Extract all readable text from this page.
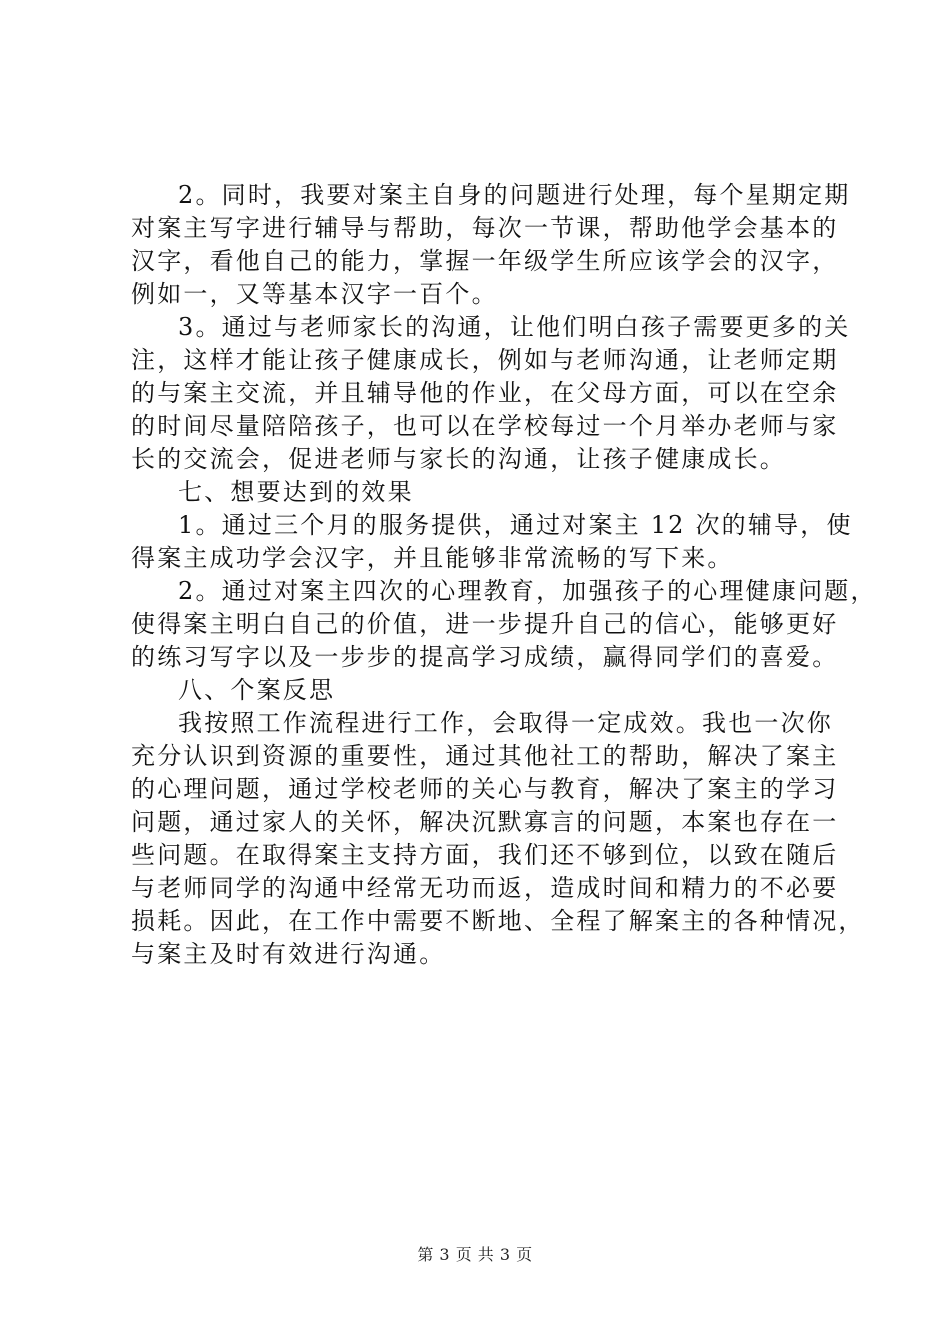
2。同时，我要对案主自身的问题进行处理，每个星期定期
对案主写字进行辅导与帮助，每次一节课，帮助他学会基本的
汉字，看他自己的能力，掌握一年级学生所应该学会的汉字，
例如一，又等基本汉字一百个。
3。通过与老师家长的沟通，让他们明白孩子需要更多的关
注，这样才能让孩子健康成长，例如与老师沟通，让老师定期
的与案主交流，并且辅导他的作业，在父母方面，可以在空余
的时间尽量陪陪孩子，也可以在学校每过一个月举办老师与家
长的交流会，促进老师与家长的沟通，让孩子健康成长。
七、想要达到的效果
1。通过三个月的服务提供，通过对案主 12 次的辅导，使
得案主成功学会汉字，并且能够非常流畅的写下来。
2。通过对案主四次的心理教育，加强孩子的心理健康问题，
使得案主明白自己的价值，进一步提升自己的信心，能够更好
的练习写字以及一步步的提高学习成绩，赢得同学们的喜爱。
八、个案反思
我按照工作流程进行工作，会取得一定成效。我也一次你
充分认识到资源的重要性，通过其他社工的帮助，解决了案主
的心理问题，通过学校老师的关心与教育，解决了案主的学习
问题，通过家人的关怀，解决沉默寡言的问题，本案也存在一
些问题。在取得案主支持方面，我们还不够到位，以致在随后
与老师同学的沟通中经常无功而返，造成时间和精力的不必要
损耗。因此，在工作中需要不断地、全程了解案主的各种情况，
与案主及时有效进行沟通。
第 3 页 共 3 页
